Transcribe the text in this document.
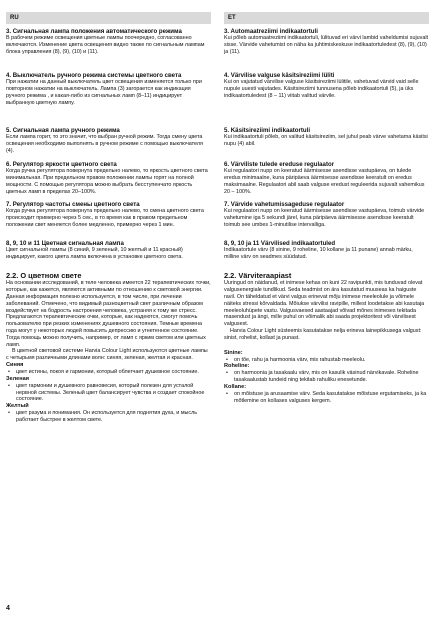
RU	ET
3. Сигнальная лампа положения автоматического режима
В рабочем режиме освещения цветные лампы поочередно, согласованно включаются. Изменение цвета освещения видно также по сигнальным лампам блока управления (8), (9), (10) и (11).
4. Выключатель ручного режима системы цветного света
При нажатии на данный выключатель цвет освещения изменяется только при повторном нажатии на выключатель. Лампа (3) загорается как индикация ручного режима , и какая-либо из сигнальных ламп (8–11) индицирует выбранную цветную лампу.
5. Сигнальная лампа ручного режима
Если лампа горит, то это значит, что выбран ручной режим. Тогда смену цвета освещения необходимо выполнять в ручном режиме с помощью выключателя (4).
6. Регулятор яркости цветного света
Когда ручка регулятора повернута предельно налево, то яркость цветного света минимальная. При предельном правом положении лампы горят на полной мощности. С помощью регулятора можно выбрать бесступенчато яркость цветных ламп в пределах 20–100%.
7. Регулятор частоты смены цветного света
Когда ручка регулятора повернута предельно налево, то смена цветного света происходит примерно через 5 сек., в то время как в правом предельном положении свет меняется более медленно, примерно через 1 мин.
8, 9, 10 и 11 Цветная сигнальная лампа
Цвет сигнальной лампы (8 синий, 9 зеленый, 10 желтый и 11 красный) индицирует, какого цвета лампа включена в установке цветного света.
2.2. О цветном свете
На основании исследований, в теле человека имеется 22 терапевтических точки, которые, как кажется, являются активными по отношению к световой энергии. Данная информация полезно используется, в том числе, при лечении заболеваний. Отмечено, что видимый разноцветный свет различным образом воздействует на бодрость настроения человека, устраняя к тому же стресс. Предлагаются терапевтические очки, которые, как надеются, смогут помочь пользователю при резких изменениях душевного состояния. Темные времена года могут у некоторых людей повысить депрессию и угнетенное состояние. Тогда помощь можно получить, например, от ламп с ярким светом или цветных ламп.
В цветной световой системе Harvia Colour Light используются цветные лампы с четырьмя различными длинами волн: синяя, зеленая, желтая и красная.
Синяя
• цвет истины, покоя и гармонии, который облегчает душевное состояние.
Зеленая
• цвет гармонии и душевного равновесия, который полезен для усталой нервной системы. Зеленый цвет балансирует чувства и создает спокойное состояние.
Желтый
• цвет разума и понимания. Он используется для поднятия духа, и мысль работает быстрее в желтом свете.
3. Automaatreziimi indikaatortuli
Kui põleb automaatreziimi indikaatortuli, lülituvad eri värvi lambid vaheldumisi sujuvalt sisse. Värvide vahetumist on näha ka juhtimiskeskuse indikaatortuledest (8), (9), (10) ja (11).
4. Värvilise valguse käsitsireziimi lüliti
Kui on vajutatud värvilise valguse käsitsireziimi lülitile, vahetuvad värvid vaid selle nupule uuesti vajutades. Käsitsireziimi tunnusena põleb indikaatortuli (5), ja üks indikaatortuledest (8 – 11) viitab valitud värvile.
5. Käsitsireziimi indikaatortuli
Kui indikaatortuli põleb, on valitud käsitsireziim, sel juhul peab värve vahetama käsitsi nupu (4) abil.
6. Värviliste tulede ereduse regulaator
Kui regulaatori nupp on keeratud äärmisesse asendisse vastupäeva, on tulede eredus minimaalne, kuna päripäeva äärmisesse asendisse keeratult on eredus maksimaalne. Regulaatori abil saab valguse eredust reguleerida sujuvalt vahemikus 20 – 100%.
7. Värvide vahetumissageduse regulaator
Kui regulaatori nupp on keeratud äärmisesse asendisse vastupäeva, toimub värvide vahetumine iga 5 sekundi järel, kuna päripäeva äärmisesse asendisse keeratult toimub see umbes 1-minutilise intervalliga.
8, 9, 10 ja 11 Värvilised indikaatortuled
Indikaatortule värv (8 sinine, 9 roheline, 10 kollane ja 11 punane) annab märku, milline värv on seadmes süüdatud.
2.2. Värviteraapiast
Uuringud on näidanud, et inimese kehas on kuni 22 ravipunkti, mis tunduvad olevat valgusenergiale tundlikud. Seda teadmist on ära kasutatud muuseas ka haiguste ravil. On täheldatud et värvi valgus erinevat mõju inimese meeleolule ja võimele näiteks stressi kõrvaldada. Mõiukse värvilisi ravipille, millest loodetakse abi kasutaja meeleoluhüpete vastu. Valgusvaesed aastaajad võivad mõnes inimeses tekitada masendust ja ängi, mille puhul on võimalik abi saada projektoritest või värvilisest valgusest.
Harvia Colour Light süsteemis kasutatakse nelja erineva lainepikkusega valgust: sinist, rohelist, kollast ja punast.
Sinine:
• on tõe, rahu ja harmoonia värv, mis rahustab meeleolu.
Roheline:
• on harmoonia ja tasakaalu värv, mis on kasulik väsinud närvikavale. Roheline tasakaalustab tundeid ning tekitab rahuliku enesetunde.
Kollane:
• on mõistuse ja arusaamise värv. Seda kasutatakse mõistuse ergutamiseks, ja ka mõtlemine on kollases valguses kergem.
4
